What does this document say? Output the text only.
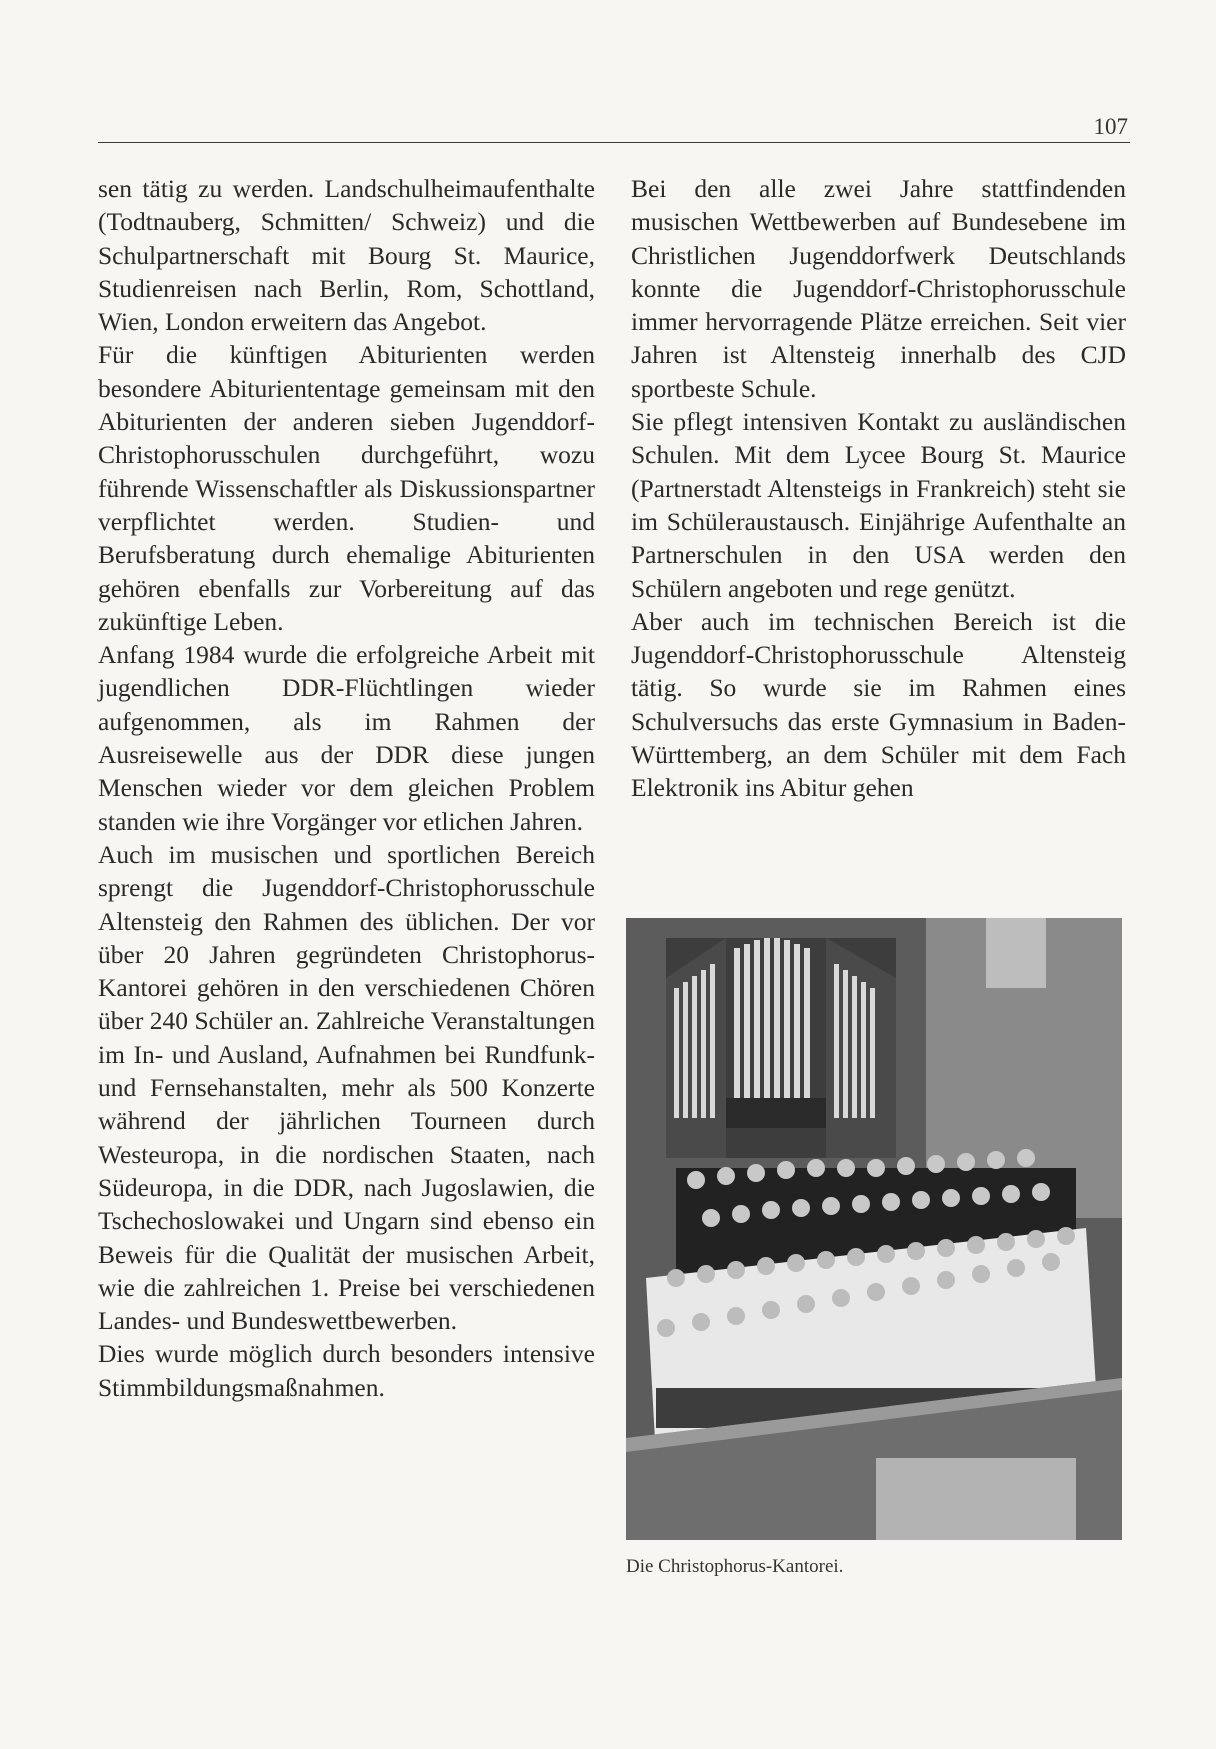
107

sen tätig zu werden. Landschulheimaufenthalte (Todtnauberg, Schmitten/ Schweiz) und die Schulpartnerschaft mit Bourg St. Maurice, Studienreisen nach Berlin, Rom, Schottland, Wien, London erweitern das Angebot.

Für die künftigen Abiturienten werden besondere Abituriententage gemeinsam mit den Abiturienten der anderen sieben Jugenddorf-Christophorusschulen durchgeführt, wozu führende Wissenschaftler als Diskussionspartner verpflichtet werden. Studien- und Berufsberatung durch ehemalige Abiturienten gehören ebenfalls zur Vorbereitung auf das zukünftige Leben.

Anfang 1984 wurde die erfolgreiche Arbeit mit jugendlichen DDR-Flüchtlingen wieder aufgenommen, als im Rahmen der Ausreisewelle aus der DDR diese jungen Menschen wieder vor dem gleichen Problem standen wie ihre Vorgänger vor etlichen Jahren.

Auch im musischen und sportlichen Bereich sprengt die Jugenddorf-Christophorusschule Altensteig den Rahmen des üblichen. Der vor über 20 Jahren gegründeten Christophorus-Kantorei gehören in den verschiedenen Chören über 240 Schüler an. Zahlreiche Veranstaltungen im In- und Ausland, Aufnahmen bei Rundfunk- und Fernsehanstalten, mehr als 500 Konzerte während der jährlichen Tourneen durch Westeuropa, in die nordischen Staaten, nach Südeuropa, in die DDR, nach Jugoslawien, die Tschechoslowakei und Ungarn sind ebenso ein Beweis für die Qualität der musischen Arbeit, wie die zahlreichen 1. Preise bei verschiedenen Landes- und Bundeswettbewerben.

Dies wurde möglich durch besonders intensive Stimmbildungsmaßnahmen.

Bei den alle zwei Jahre stattfindenden musischen Wettbewerben auf Bundesebene im Christlichen Jugenddorfwerk Deutschlands konnte die Jugenddorf-Christophorusschule immer hervorragende Plätze erreichen. Seit vier Jahren ist Altensteig innerhalb des CJD sportbeste Schule.

Sie pflegt intensiven Kontakt zu ausländischen Schulen. Mit dem Lycee Bourg St. Maurice (Partnerstadt Altensteigs in Frankreich) steht sie im Schüleraustausch. Einjährige Aufenthalte an Partnerschulen in den USA werden den Schülern angeboten und rege genützt.

Aber auch im technischen Bereich ist die Jugenddorf-Christophorusschule Altensteig tätig. So wurde sie im Rahmen eines Schulversuchs das erste Gymnasium in Baden-Württemberg, an dem Schüler mit dem Fach Elektronik ins Abitur gehen

Die Christophorus-Kantorei.
